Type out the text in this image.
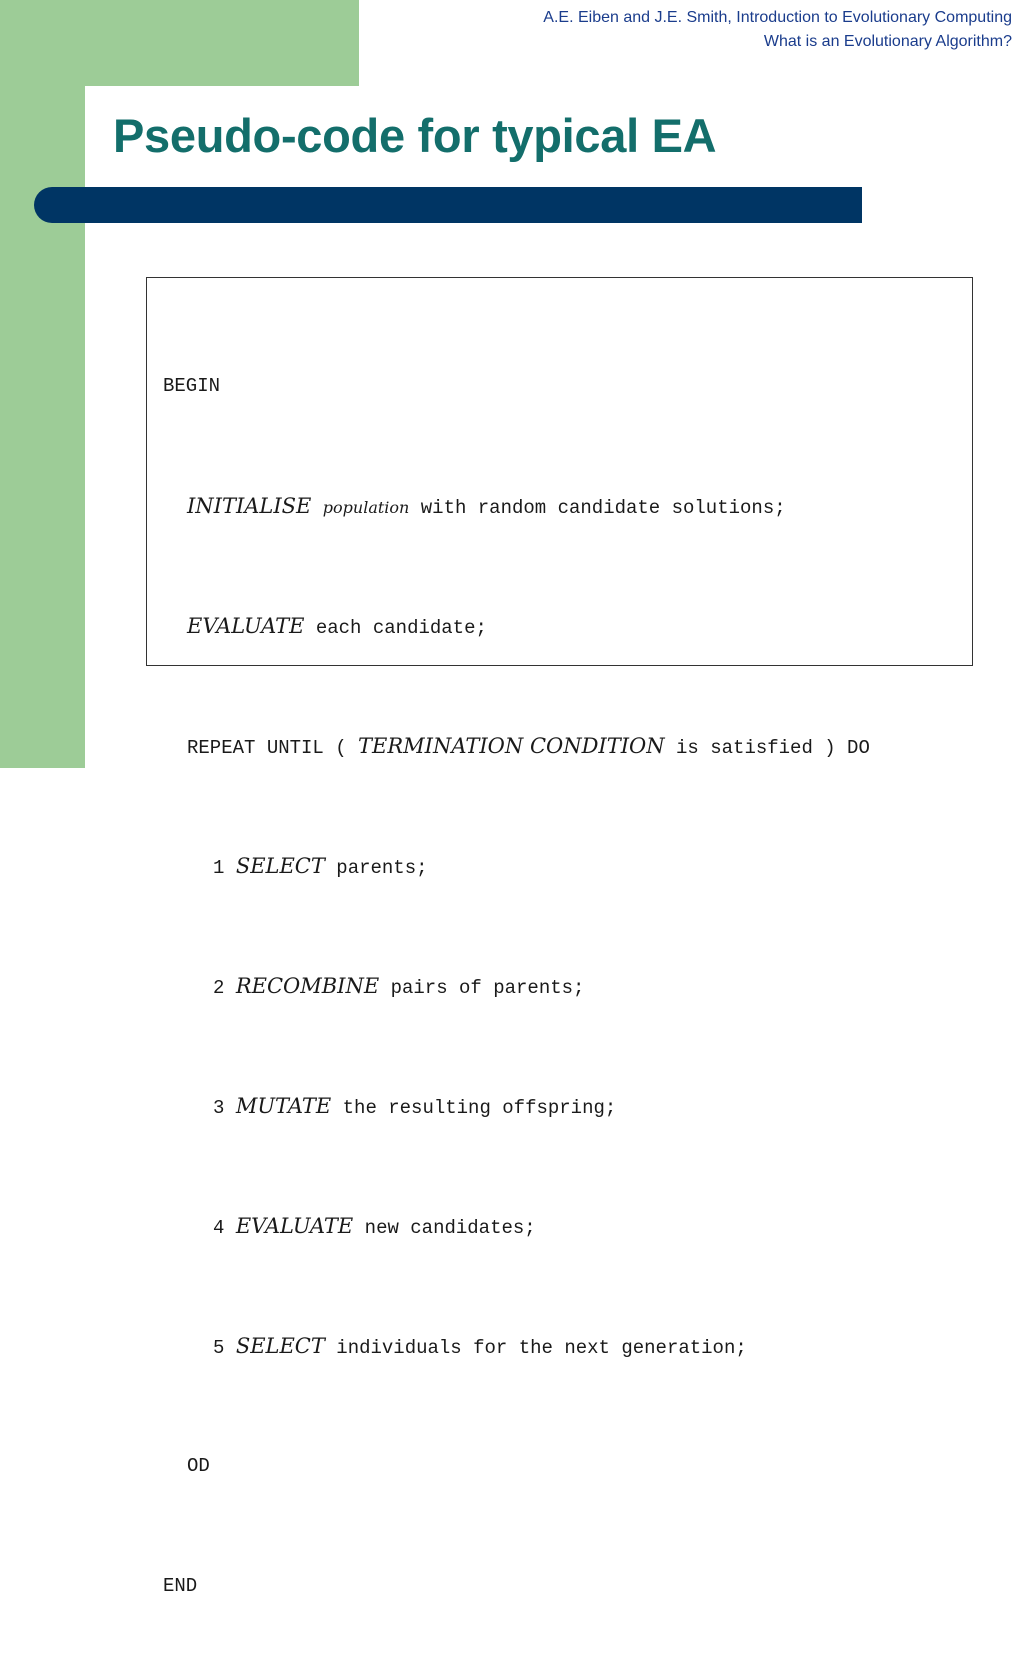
A.E. Eiben and J.E. Smith, Introduction to Evolutionary Computing
What is an Evolutionary Algorithm?
Pseudo-code for typical EA

BEGIN

INITIALISE population with random candidate solutions;

EVALUATE each candidate;

REPEAT UNTIL ( TERMINATION CONDITION is satisfied ) DO

1 SELECT parents;

2 RECOMBINE pairs of parents;

3 MUTATE the resulting offspring;

4 EVALUATE new candidates;

5 SELECT individuals for the next generation;

OD

END
